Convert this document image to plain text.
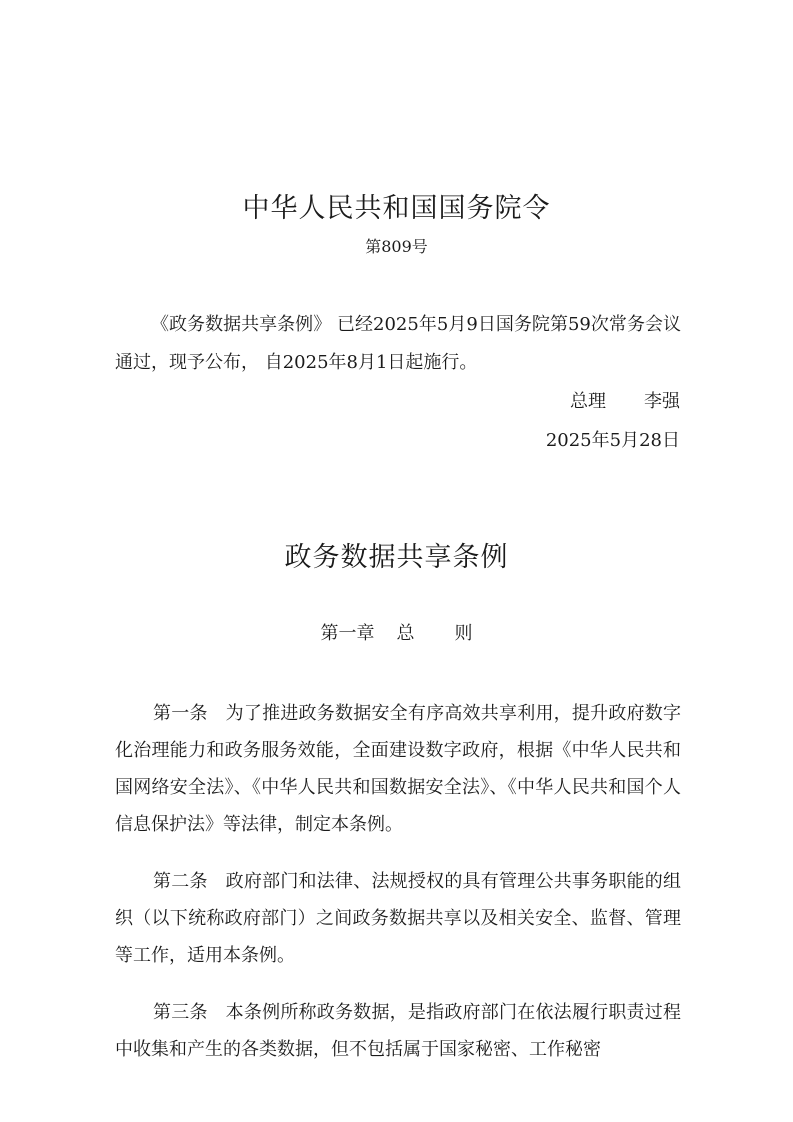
中华人民共和国国务院令
第809号
《政务数据共享条例》 已经2025年5月9日国务院第59次常务会议通过，现予公布， 自2025年8月1日起施行。
总理 李强
2025年5月28日
政务数据共享条例
第一章 总 则

第一条 为了推进政务数据安全有序高效共享利用，提升政府数字化治理能力和政务服务效能，全面建设数字政府，根据《中华人民共和国网络安全法》、《中华人民共和国数据安全法》、《中华人民共和国个人信息保护法》等法律，制定本条例。

第二条 政府部门和法律、法规授权的具有管理公共事务职能的组织（以下统称政府部门）之间政务数据共享以及相关安全、监督、管理等工作，适用本条例。

第三条 本条例所称政务数据，是指政府部门在依法履行职责过程中收集和产生的各类数据，但不包括属于国家秘密、工作秘密
